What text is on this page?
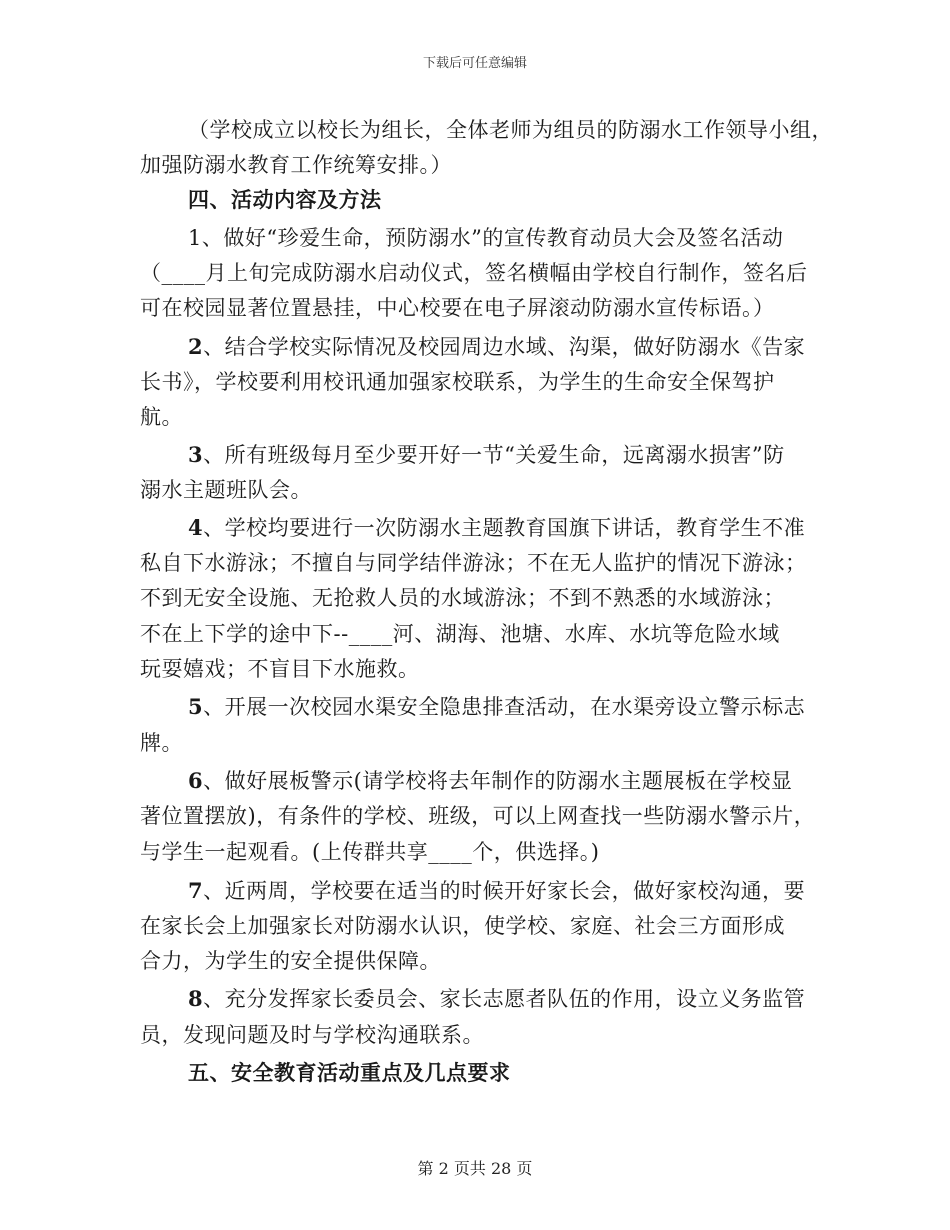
下载后可任意编辑
（学校成立以校长为组长，全体老师为组员的防溺水工作领导小组，
加强防溺水教育工作统筹安排。）
四、活动内容及方法
1、做好“珍爱生命，预防溺水”的宣传教育动员大会及签名活动
（____月上旬完成防溺水启动仪式，签名横幅由学校自行制作，签名后
可在校园显著位置悬挂，中心校要在电子屏滚动防溺水宣传标语。）
2、结合学校实际情况及校园周边水域、沟渠，做好防溺水《告家
长书》，学校要利用校讯通加强家校联系，为学生的生命安全保驾护
航。
3、所有班级每月至少要开好一节“关爱生命，远离溺水损害”防
溺水主题班队会。
4、学校均要进行一次防溺水主题教育国旗下讲话，教育学生不准
私自下水游泳；不擅自与同学结伴游泳；不在无人监护的情况下游泳；
不到无安全设施、无抢救人员的水域游泳；不到不熟悉的水域游泳；
不在上下学的途中下--____河、湖海、池塘、水库、水坑等危险水域
玩耍嬉戏；不盲目下水施救。
5、开展一次校园水渠安全隐患排查活动，在水渠旁设立警示标志
牌。
6、做好展板警示(请学校将去年制作的防溺水主题展板在学校显
著位置摆放)，有条件的学校、班级，可以上网查找一些防溺水警示片，
与学生一起观看。(上传群共享____个，供选择。)
7、近两周，学校要在适当的时候开好家长会，做好家校沟通，要
在家长会上加强家长对防溺水认识，使学校、家庭、社会三方面形成
合力，为学生的安全提供保障。
8、充分发挥家长委员会、家长志愿者队伍的作用，设立义务监管
员，发现问题及时与学校沟通联系。
五、安全教育活动重点及几点要求
第 2 页共 28 页
